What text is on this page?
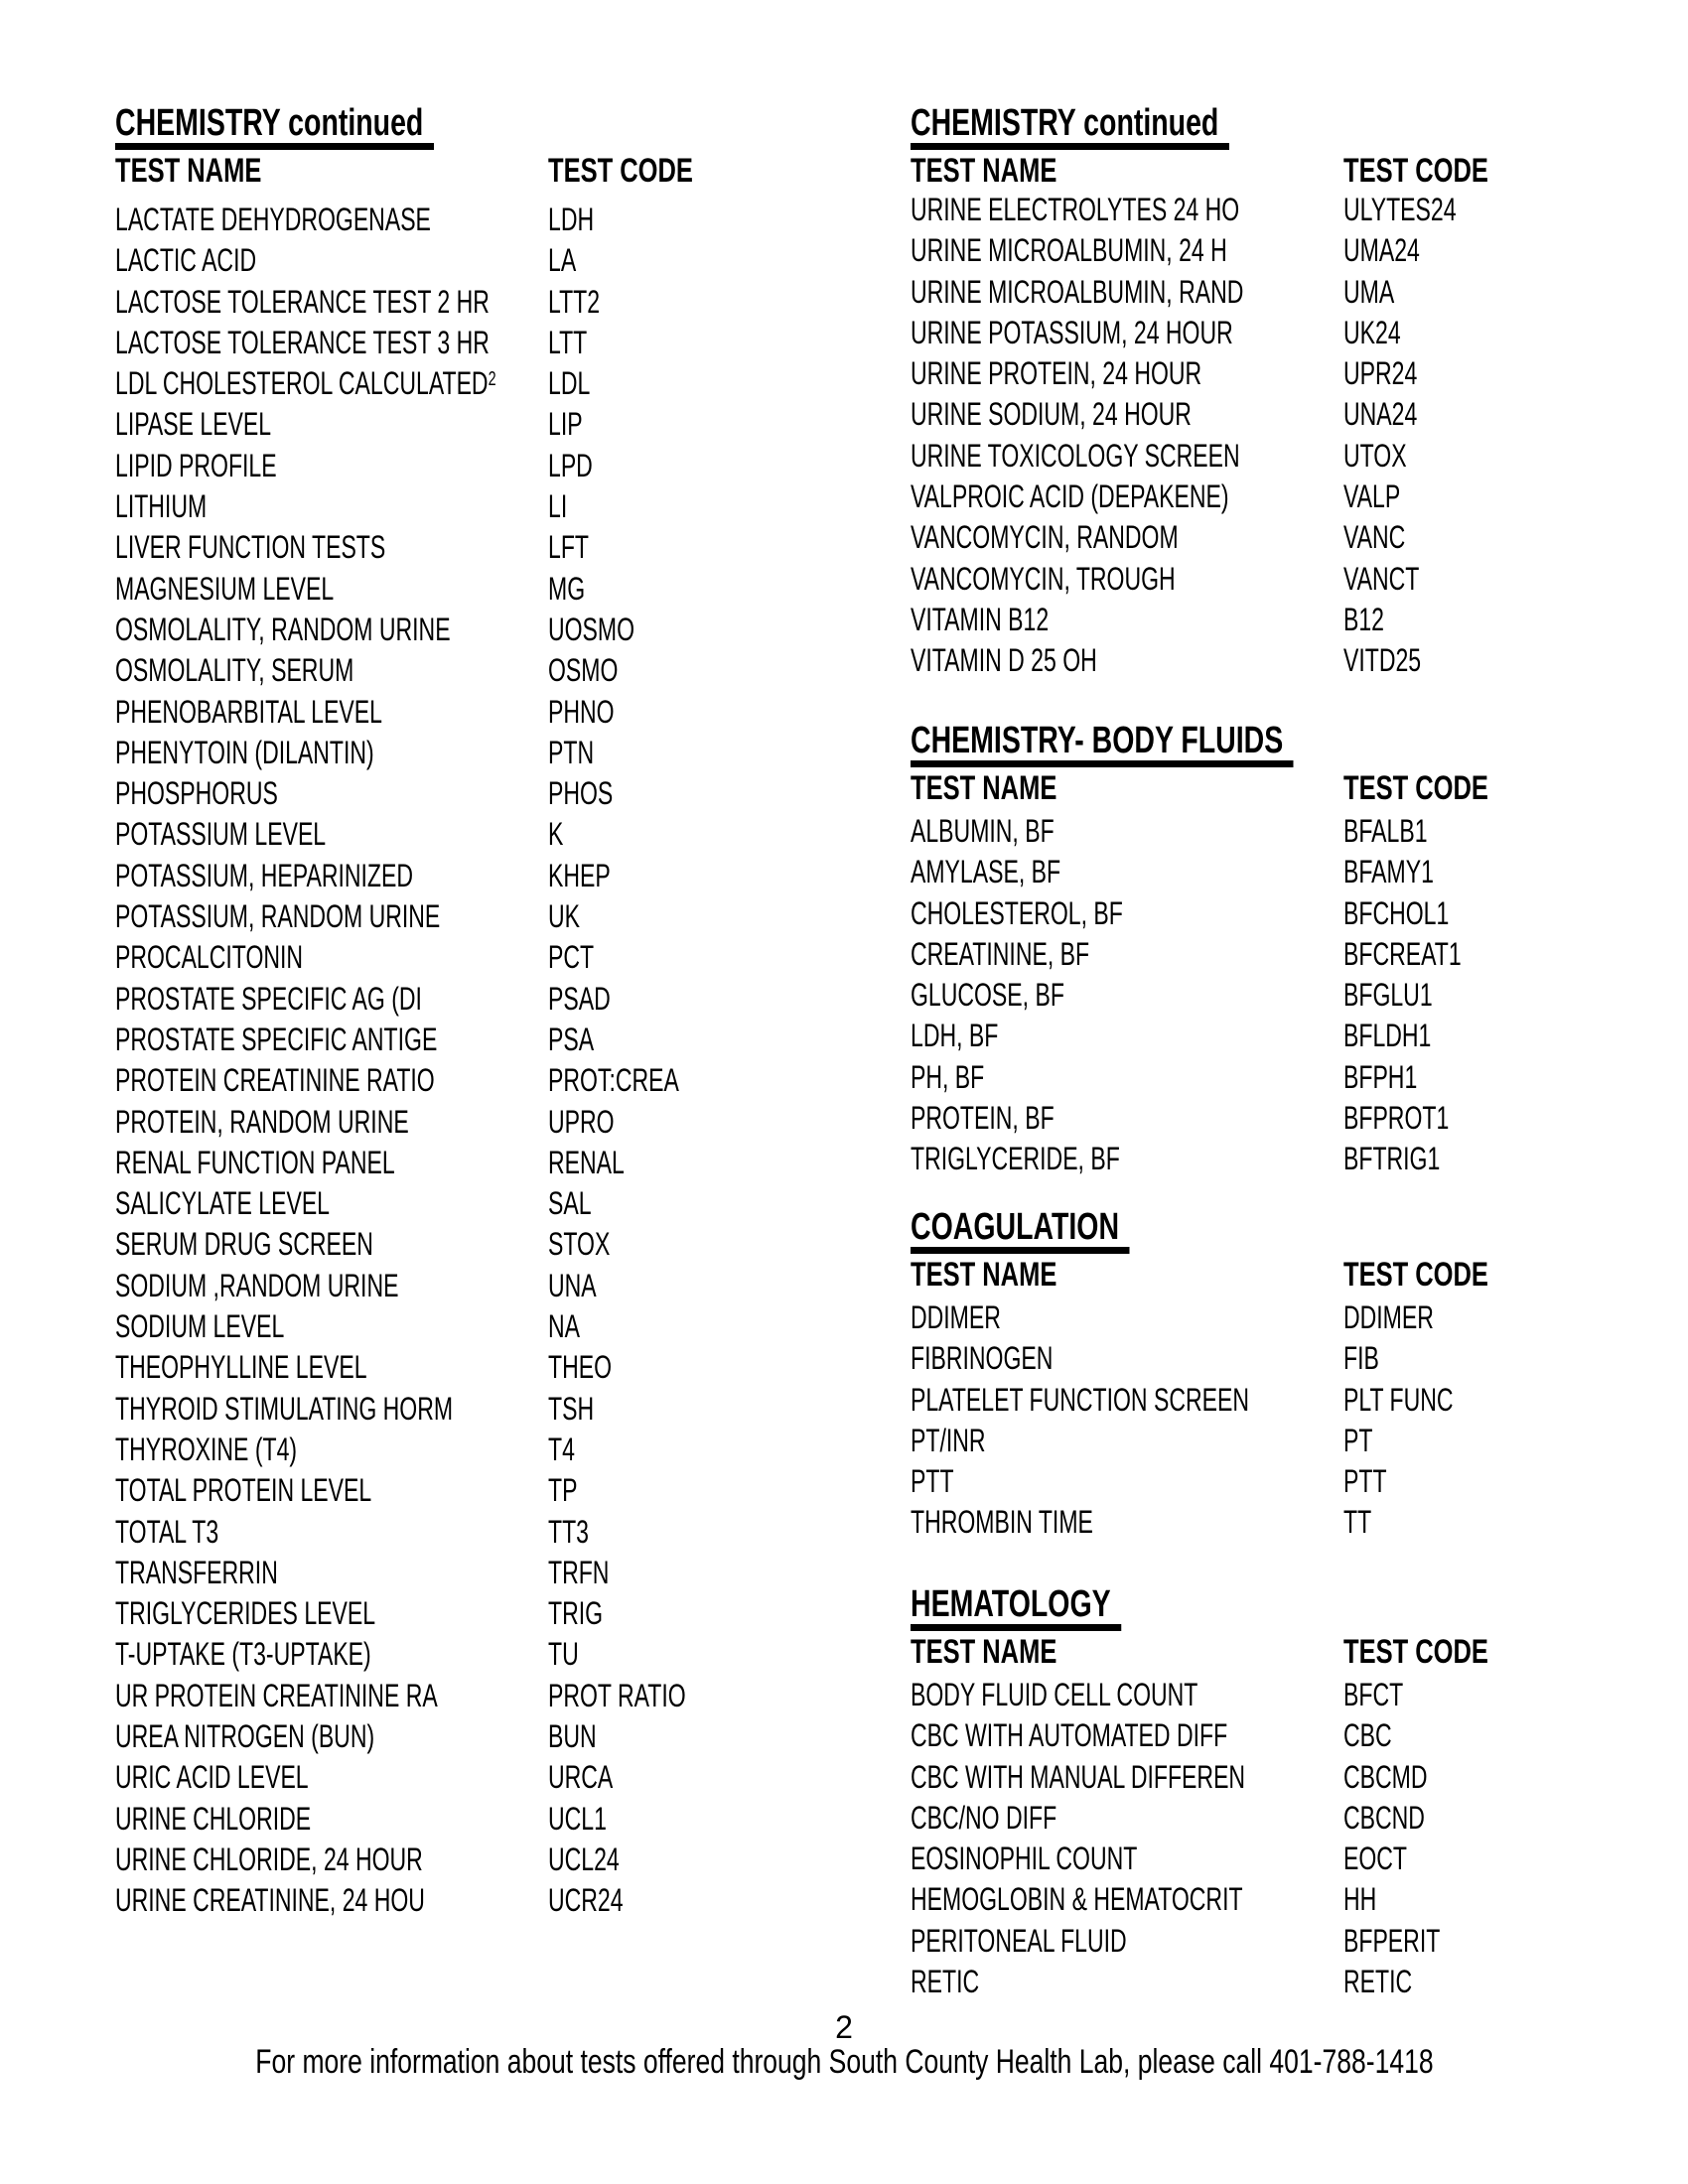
CHEMISTRY continued
TEST NAME	TEST CODE
LACTATE DEHYDROGENASE	LDH
LACTIC ACID	LA
LACTOSE TOLERANCE TEST 2 HR LTT2
LACTOSE TOLERANCE TEST 3 HR LTT
LDL CHOLESTEROL CALCULATED$^2$ LDL
LIPASE LEVEL	LIP
LIPID PROFILE	LPD
LITHIUM	LI
LIVER FUNCTION TESTS	LFT
MAGNESIUM LEVEL	MG
OSMOLALITY, RANDOM URINE	UOSMO
OSMOLALITY, SERUM	OSMO
PHENOBARBITAL LEVEL	PHNO
PHENYTOIN (DILANTIN)	PTN
PHOSPHORUS	PHOS
POTASSIUM LEVEL	K
POTASSIUM, HEPARINIZED	KHEP
POTASSIUM, RANDOM URINE	UK
PROCALCITONIN	PCT
PROSTATE SPECIFIC AG (DI	PSAD
PROSTATE SPECIFIC ANTIGE	PSA
PROTEIN CREATININE RATIO	PROT:CREA
PROTEIN, RANDOM URINE	UPRO
RENAL FUNCTION PANEL	RENAL
SALICYLATE LEVEL	SAL
SERUM DRUG SCREEN	STOX
SODIUM ,RANDOM URINE	UNA
SODIUM LEVEL	NA
THEOPHYLLINE LEVEL	THEO
THYROID STIMULATING HORM	TSH
THYROXINE (T4)	T4
TOTAL PROTEIN LEVEL	TP
TOTAL T3	TT3
TRANSFERRIN	TRFN
TRIGLYCERIDES LEVEL	TRIG
T-UPTAKE (T3-UPTAKE)	TU
UR PROTEIN CREATININE RA	PROT RATIO
UREA NITROGEN (BUN)	BUN
URIC ACID LEVEL	URCA
URINE CHLORIDE	UCL1
URINE CHLORIDE, 24 HOUR	UCL24
URINE CREATININE, 24 HOU	UCR24
CHEMISTRY continued
TEST NAME	TEST CODE
URINE ELECTROLYTES 24 HO	ULYTES24
URINE MICROALBUMIN, 24 H	UMA24
URINE MICROALBUMIN, RAND	UMA
URINE POTASSIUM, 24 HOUR	UK24
URINE PROTEIN, 24 HOUR	UPR24
URINE SODIUM, 24 HOUR	UNA24
URINE TOXICOLOGY SCREEN	UTOX
VALPROIC ACID (DEPAKENE)	VALP
VANCOMYCIN, RANDOM	VANC
VANCOMYCIN, TROUGH	VANCT
VITAMIN B12	B12
VITAMIN D 25 OH	VITD25
CHEMISTRY- BODY FLUIDS
TEST NAME	TEST CODE
ALBUMIN, BF	BFALB1
AMYLASE, BF	BFAMY1
CHOLESTEROL, BF	BFCHOL1
CREATININE, BF	BFCREAT1
GLUCOSE, BF	BFGLU1
LDH, BF	BFLDH1
PH, BF	BFPH1
PROTEIN, BF	BFPROT1
TRIGLYCERIDE, BF	BFTRIG1
COAGULATION
TEST NAME	TEST CODE
DDIMER	DDIMER
FIBRINOGEN	FIB
PLATELET FUNCTION SCREEN	PLT FUNC
PT/INR	PT
PTT	PTT
THROMBIN TIME	TT
HEMATOLOGY
TEST NAME	TEST CODE
BODY FLUID CELL COUNT	BFCT
CBC WITH AUTOMATED DIFF	CBC
CBC WITH MANUAL DIFFEREN	CBCMD
CBC/NO DIFF	CBCND
EOSINOPHIL COUNT	EOCT
HEMOGLOBIN & HEMATOCRIT	HH
PERITONEAL FLUID	BFPERIT
RETIC	RETIC
2
For more information about tests offered through South County Health Lab, please call 401-788-1418
